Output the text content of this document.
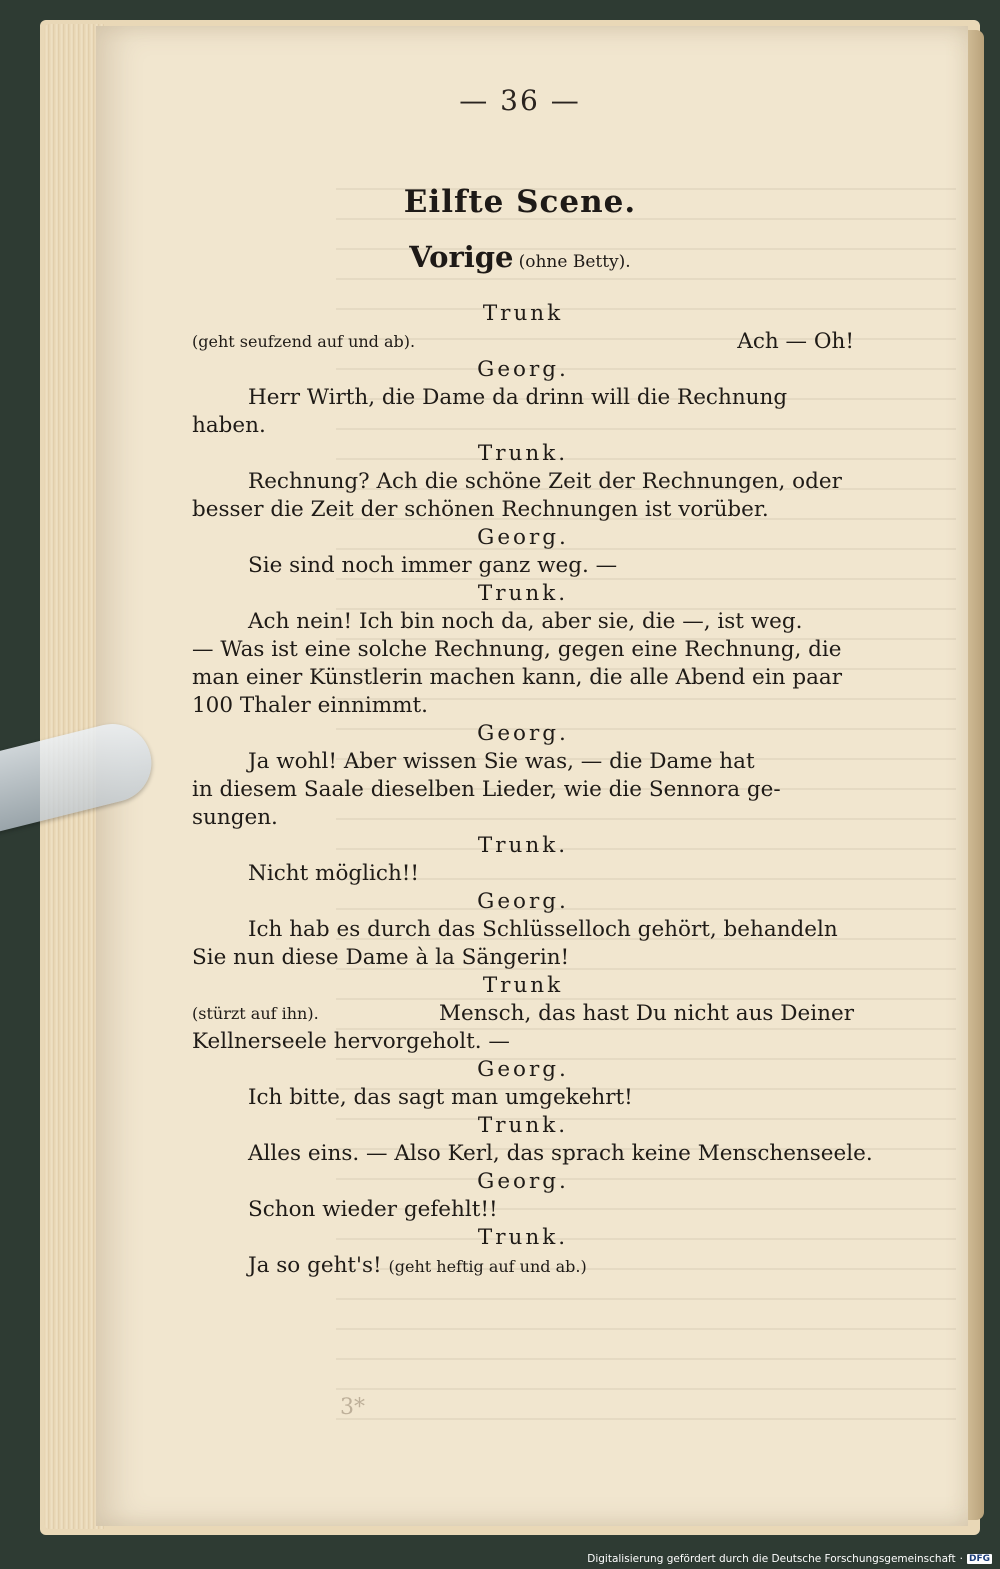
— 36 —
Eilfte Scene.
Vorige (ohne Betty).
Trunk
(geht seufzend auf und ab).	Ach — Oh!
Georg.
Herr Wirth, die Dame da drinn will die Rechnung
haben.
Trunk.
Rechnung? Ach die schöne Zeit der Rechnungen, oder
besser die Zeit der schönen Rechnungen ist vorüber.
Georg.
Sie sind noch immer ganz weg. —
Trunk.
Ach nein! Ich bin noch da, aber sie, die —, ist weg.
— Was ist eine solche Rechnung, gegen eine Rechnung, die
man einer Künstlerin machen kann, die alle Abend ein paar
100 Thaler einnimmt.
Georg.
Ja wohl! Aber wissen Sie was, — die Dame hat
in diesem Saale dieselben Lieder, wie die Sennora ge-
sungen.
Trunk.
Nicht möglich!!
Georg.
Ich hab es durch das Schlüsselloch gehört, behandeln
Sie nun diese Dame à la Sängerin!
Trunk
(stürzt auf ihn).	Mensch, das hast Du nicht aus Deiner
Kellnerseele hervorgeholt. —
Georg.
Ich bitte, das sagt man umgekehrt!
Trunk.
Alles eins. — Also Kerl, das sprach keine Menschenseele.
Georg.
Schon wieder gefehlt!!
Trunk.
Ja so geht's! (geht heftig auf und ab.)
3*
Digitalisierung gefördert durch die Deutsche Forschungsgemeinschaft · DFG
